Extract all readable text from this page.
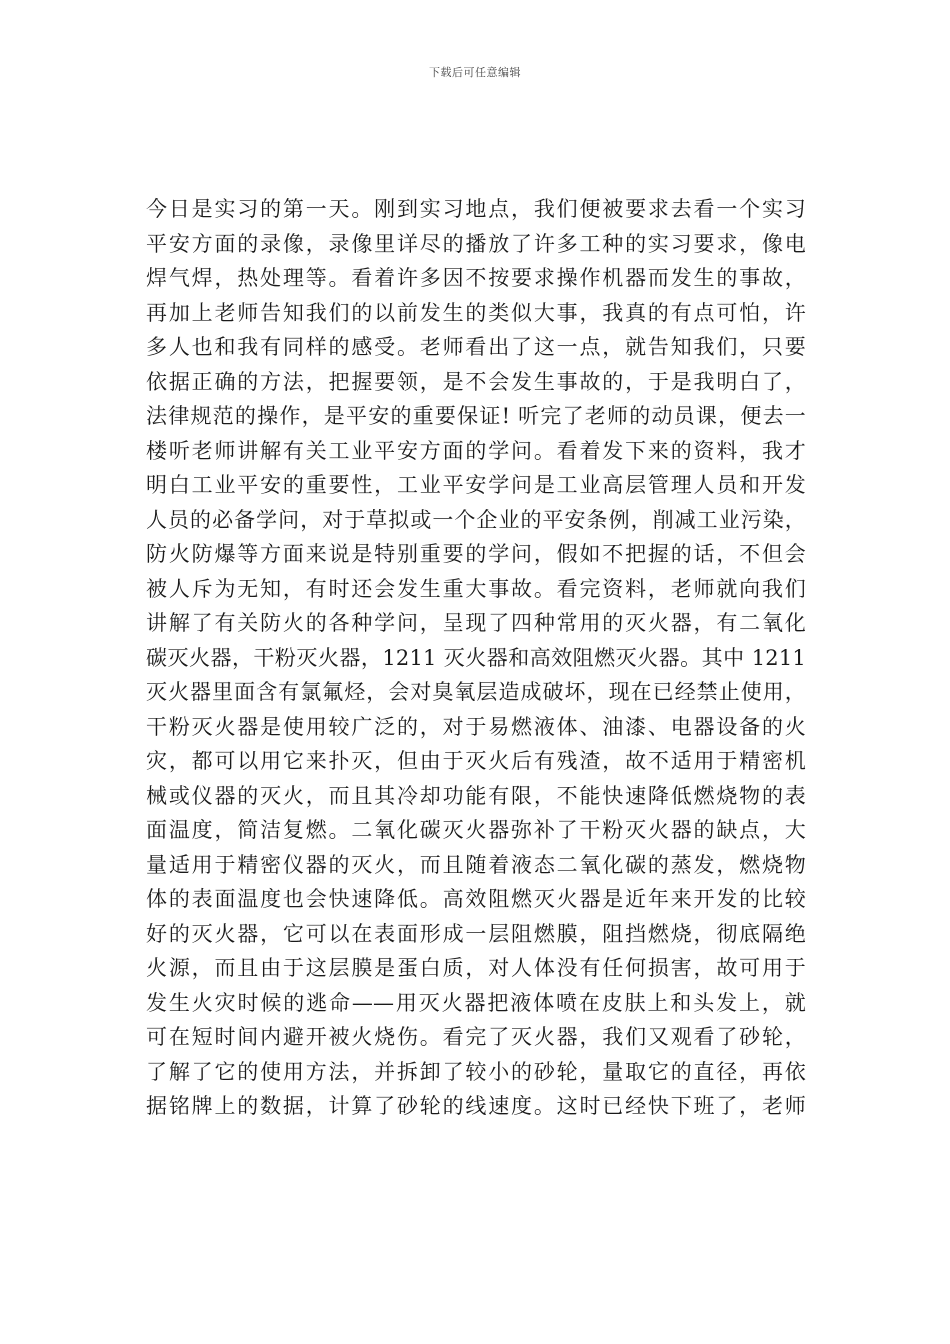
下载后可任意编辑
今日是实习的第一天。刚到实习地点，我们便被要求去看一个实习
平安方面的录像，录像里详尽的播放了许多工种的实习要求，像电
焊气焊，热处理等。看着许多因不按要求操作机器而发生的事故，
再加上老师告知我们的以前发生的类似大事，我真的有点可怕，许
多人也和我有同样的感受。老师看出了这一点，就告知我们，只要
依据正确的方法，把握要领，是不会发生事故的，于是我明白了，
法律规范的操作，是平安的重要保证! 听完了老师的动员课，便去一
楼听老师讲解有关工业平安方面的学问。看着发下来的资料，我才
明白工业平安的重要性，工业平安学问是工业高层管理人员和开发
人员的必备学问，对于草拟或一个企业的平安条例，削减工业污染，
防火防爆等方面来说是特别重要的学问，假如不把握的话，不但会
被人斥为无知，有时还会发生重大事故。看完资料，老师就向我们
讲解了有关防火的各种学问，呈现了四种常用的灭火器，有二氧化
碳灭火器，干粉灭火器，1211 灭火器和高效阻燃灭火器。其中 1211
灭火器里面含有氯氟烃，会对臭氧层造成破坏，现在已经禁止使用，
干粉灭火器是使用较广泛的，对于易燃液体、油漆、电器设备的火
灾，都可以用它来扑灭，但由于灭火后有残渣，故不适用于精密机
械或仪器的灭火，而且其冷却功能有限，不能快速降低燃烧物的表
面温度，简洁复燃。二氧化碳灭火器弥补了干粉灭火器的缺点，大
量适用于精密仪器的灭火，而且随着液态二氧化碳的蒸发，燃烧物
体的表面温度也会快速降低。高效阻燃灭火器是近年来开发的比较
好的灭火器，它可以在表面形成一层阻燃膜，阻挡燃烧，彻底隔绝
火源，而且由于这层膜是蛋白质，对人体没有任何损害，故可用于
发生火灾时候的逃命——用灭火器把液体喷在皮肤上和头发上，就
可在短时间内避开被火烧伤。看完了灭火器，我们又观看了砂轮，
了解了它的使用方法，并拆卸了较小的砂轮，量取它的直径，再依
据铭牌上的数据，计算了砂轮的线速度。这时已经快下班了，老师
